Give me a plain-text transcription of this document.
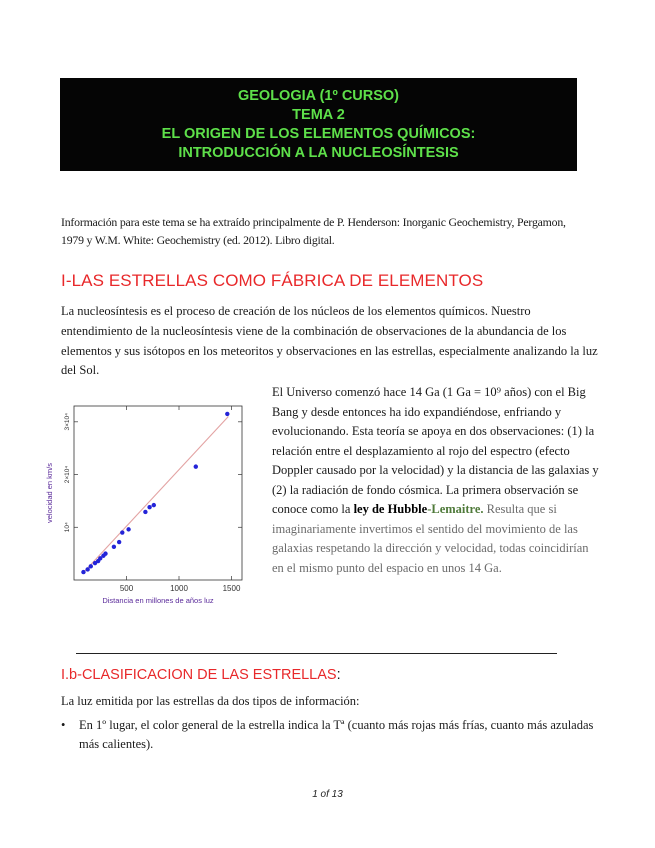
GEOLOGIA (1º CURSO)
TEMA 2
EL ORIGEN DE LOS ELEMENTOS QUÍMICOS:
INTRODUCCIÓN A LA NUCLEOSÍNTESIS
Información para este tema se ha extraído principalmente de P. Henderson: Inorganic Geochemistry, Pergamon, 1979 y W.M. White: Geochemistry (ed. 2012). Libro digital.
I-LAS ESTRELLAS COMO FÁBRICA DE ELEMENTOS
La nucleosíntesis es el proceso de creación de los núcleos de los elementos químicos. Nuestro entendimiento de la nucleosíntesis viene de la combinación de observaciones de la abundancia de los elementos y sus isótopos en los meteoritos y observaciones en las estrellas, especialmente analizando la luz del Sol.
500	1000	1500
10⁴
2×10⁴
3×10⁴
Distancia en millones de años luz
velocidad en km/s
El Universo comenzó hace 14 Ga (1 Ga = 10⁹ años) con el Big Bang y desde entonces ha ido expandiéndose, enfriando y evolucionando. Esta teoría se apoya en dos observaciones: (1) la relación entre el desplazamiento al rojo del espectro (efecto Doppler causado por la velocidad) y la distancia de las galaxias y (2) la radiación de fondo cósmica. La primera observación se conoce como la ley de Hubble-Lemaitre. Resulta que si imaginariamente invertimos el sentido del movimiento de las galaxias respetando la dirección y velocidad, todas coincidirían en el mismo punto del espacio en unos 14 Ga.
I.b-CLASIFICACION DE LAS ESTRELLAS:
La luz emitida por las estrellas da dos tipos de información:
• En 1º lugar, el color general de la estrella indica la Tª (cuanto más rojas más frías, cuanto más azuladas más calientes).
1 of 13
